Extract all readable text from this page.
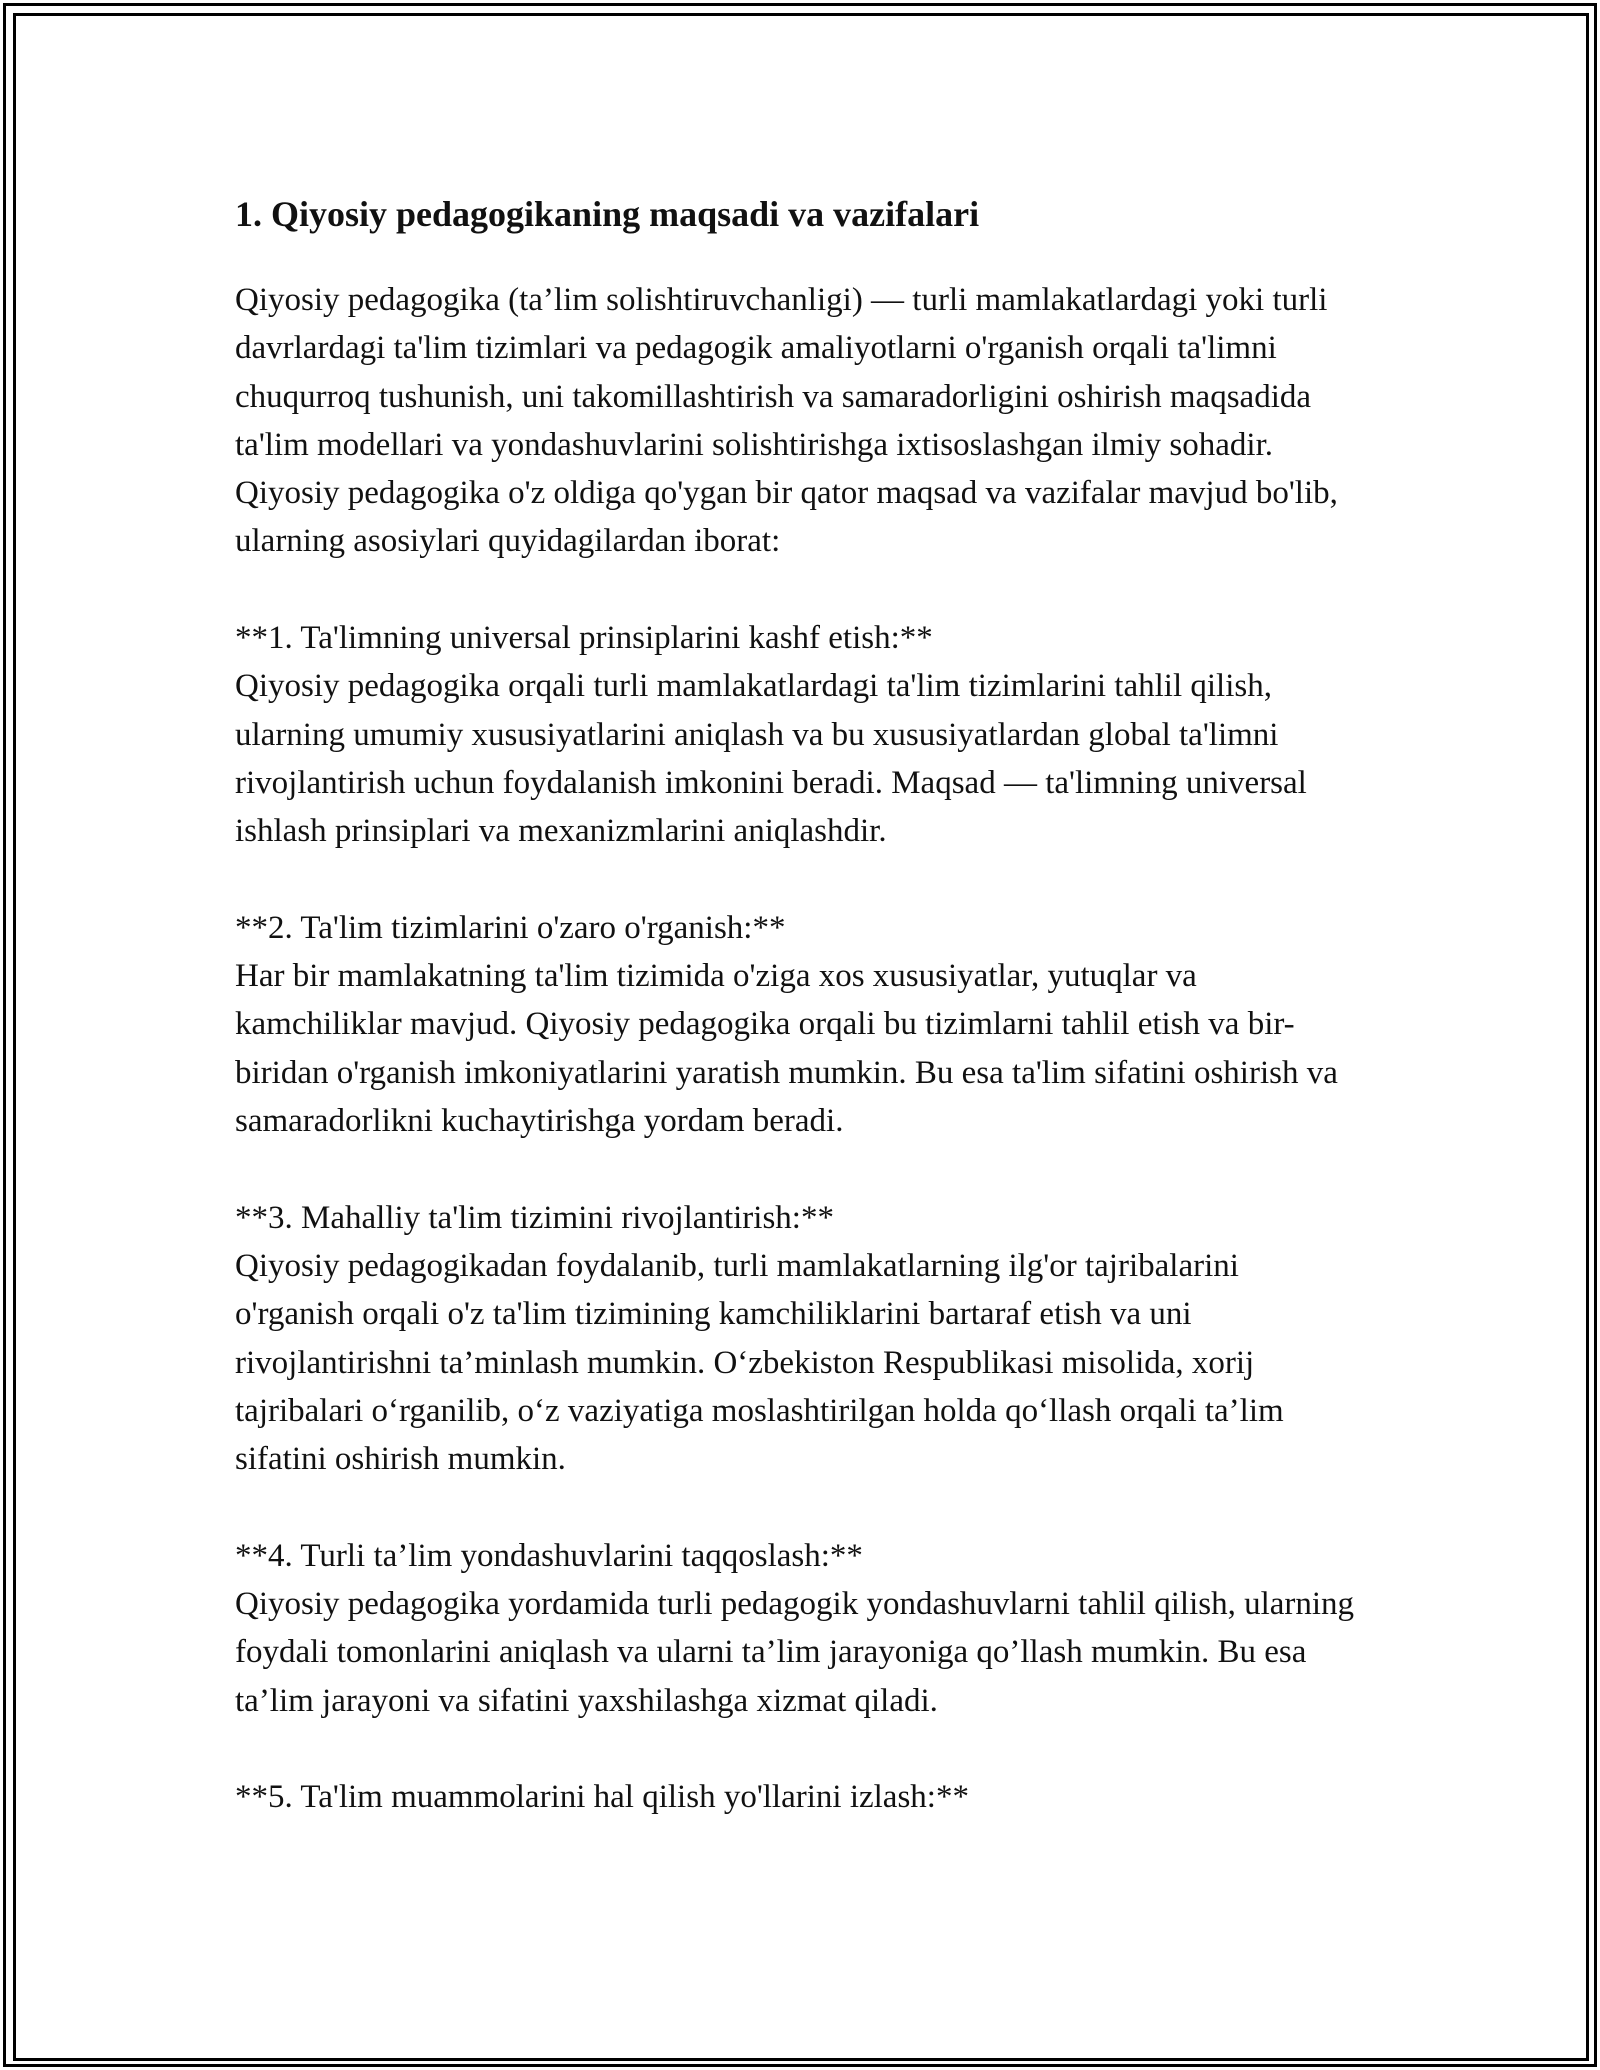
1. Qiyosiy pedagogikaning maqsadi va vazifalari

Qiyosiy pedagogika (ta’lim solishtiruvchanligi) — turli mamlakatlardagi yoki turli davrlardagi ta'lim tizimlari va pedagogik amaliyotlarni o'rganish orqali ta'limni chuqurroq tushunish, uni takomillashtirish va samaradorligini oshirish maqsadida ta'lim modellari va yondashuvlarini solishtirishga ixtisoslashgan ilmiy sohadir. Qiyosiy pedagogika o'z oldiga qo'ygan bir qator maqsad va vazifalar mavjud bo'lib, ularning asosiylari quyidagilardan iborat:

**1. Ta'limning universal prinsiplarini kashf etish:**
Qiyosiy pedagogika orqali turli mamlakatlardagi ta'lim tizimlarini tahlil qilish, ularning umumiy xususiyatlarini aniqlash va bu xususiyatlardan global ta'limni rivojlantirish uchun foydalanish imkonini beradi. Maqsad — ta'limning universal ishlash prinsiplari va mexanizmlarini aniqlashdir.
**2. Ta'lim tizimlarini o'zaro o'rganish:**
Har bir mamlakatning ta'lim tizimida o'ziga xos xususiyatlar, yutuqlar va kamchiliklar mavjud. Qiyosiy pedagogika orqali bu tizimlarni tahlil etish va bir-biridan o'rganish imkoniyatlarini yaratish mumkin. Bu esa ta'lim sifatini oshirish va samaradorlikni kuchaytirishga yordam beradi.
**3. Mahalliy ta'lim tizimini rivojlantirish:**
Qiyosiy pedagogikadan foydalanib, turli mamlakatlarning ilg'or tajribalarini o'rganish orqali o'z ta'lim tizimining kamchiliklarini bartaraf etish va uni rivojlantirishni ta’minlash mumkin. O‘zbekiston Respublikasi misolida, xorij tajribalari o‘rganilib, o‘z vaziyatiga moslashtirilgan holda qo‘llash orqali ta’lim sifatini oshirish mumkin.
**4. Turli ta’lim yondashuvlarini taqqoslash:**
Qiyosiy pedagogika yordamida turli pedagogik yondashuvlarni tahlil qilish, ularning foydali tomonlarini aniqlash va ularni ta’lim jarayoniga qo’llash mumkin. Bu esa ta’lim jarayoni va sifatini yaxshilashga xizmat qiladi.
**5. Ta'lim muammolarini hal qilish yo'llarini izlash:**
